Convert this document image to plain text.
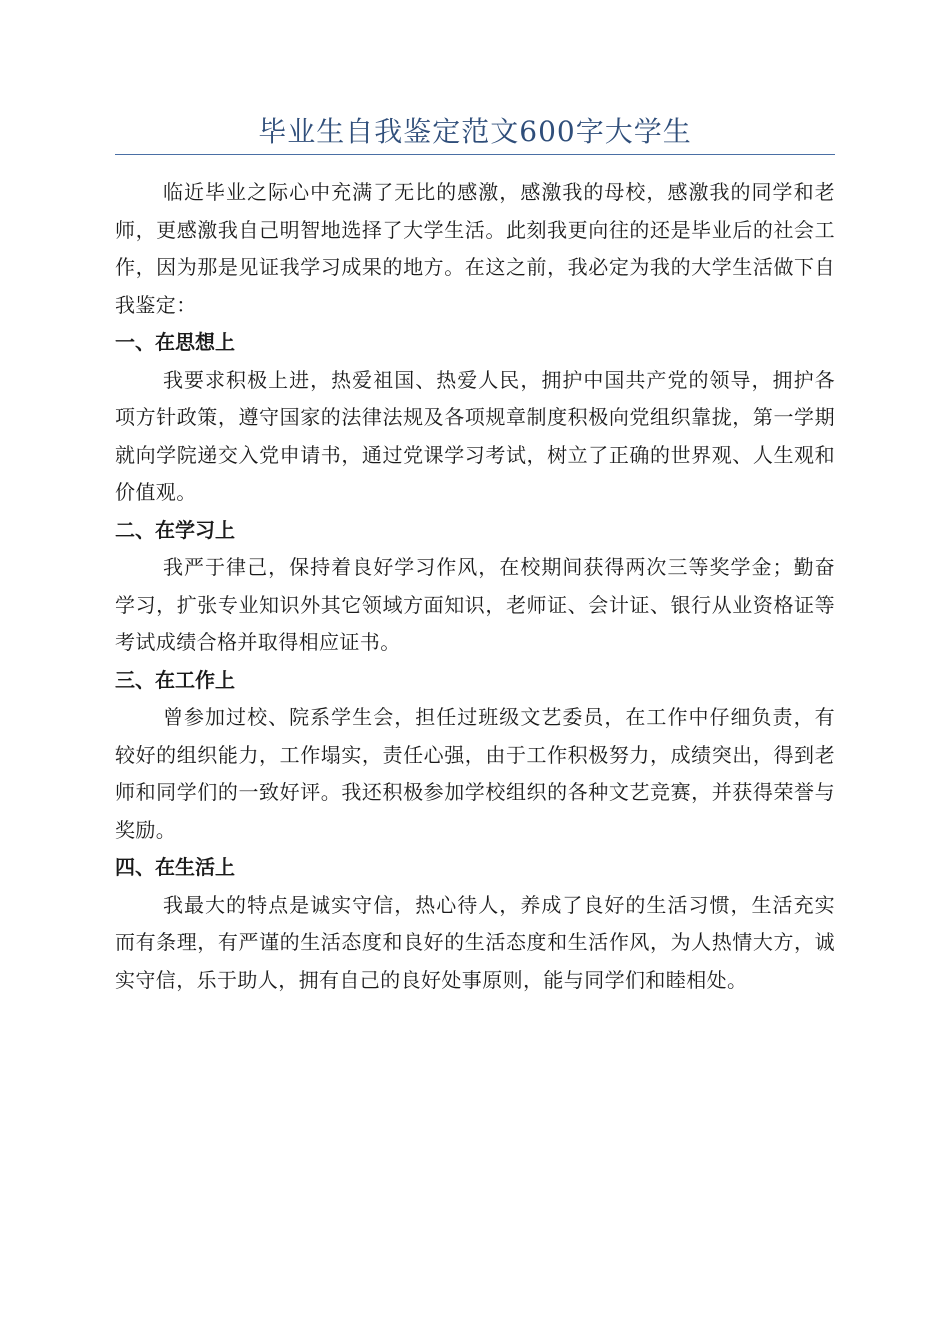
毕业生自我鉴定范文600字大学生

临近毕业之际心中充满了无比的感激，感激我的母校，感激我的同学和老师，更感激我自己明智地选择了大学生活。此刻我更向往的还是毕业后的社会工作，因为那是见证我学习成果的地方。在这之前，我必定为我的大学生活做下自我鉴定：

一、在思想上

我要求积极上进，热爱祖国、热爱人民，拥护中国共产党的领导，拥护各项方针政策，遵守国家的法律法规及各项规章制度积极向党组织靠拢，第一学期就向学院递交入党申请书，通过党课学习考试，树立了正确的世界观、人生观和价值观。

二、在学习上

我严于律己，保持着良好学习作风，在校期间获得两次三等奖学金；勤奋学习，扩张专业知识外其它领域方面知识，老师证、会计证、银行从业资格证等考试成绩合格并取得相应证书。

三、在工作上

曾参加过校、院系学生会，担任过班级文艺委员，在工作中仔细负责，有较好的组织能力，工作塌实，责任心强，由于工作积极努力，成绩突出，得到老师和同学们的一致好评。我还积极参加学校组织的各种文艺竞赛，并获得荣誉与奖励。

四、在生活上

我最大的特点是诚实守信，热心待人，养成了良好的生活习惯，生活充实而有条理，有严谨的生活态度和良好的生活态度和生活作风，为人热情大方，诚实守信，乐于助人，拥有自己的良好处事原则，能与同学们和睦相处。
